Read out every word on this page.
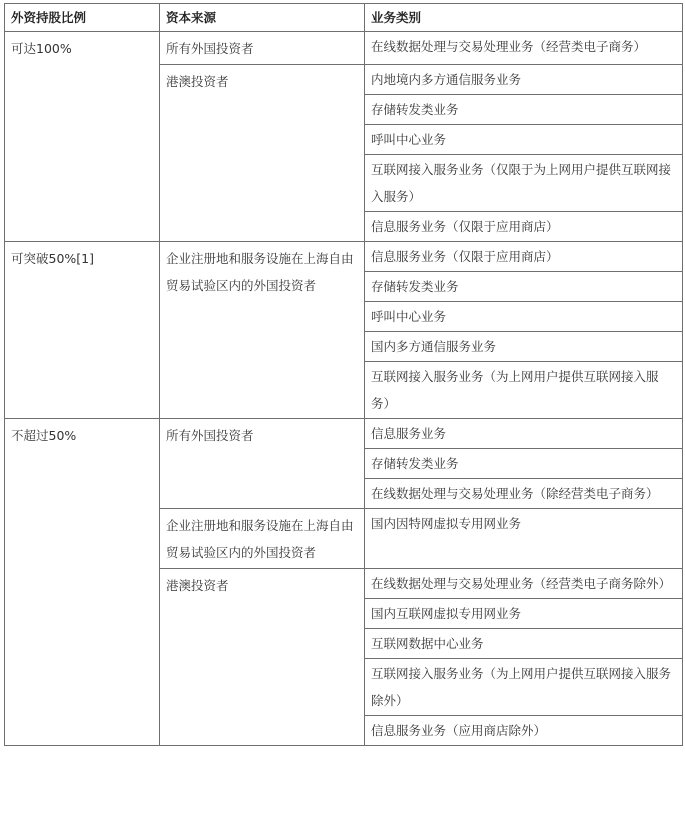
外资持股比例	资本来源	业务类别
可达100%	所有外国投资者	在线数据处理与交易处理业务（经营类电子商务）
	港澳投资者	内地境内多方通信服务业务
		存储转发类业务
		呼叫中心业务
		互联网接入服务业务（仅限于为上网用户提供互联网接入服务）
		信息服务业务（仅限于应用商店）
可突破50%[1]	企业注册地和服务设施在上海自由贸易试验区内的外国投资者	信息服务业务（仅限于应用商店）
		存储转发类业务
		呼叫中心业务
		国内多方通信服务业务
		互联网接入服务业务（为上网用户提供互联网接入服务）
不超过50%	所有外国投资者	信息服务业务
		存储转发类业务
		在线数据处理与交易处理业务（除经营类电子商务）
	企业注册地和服务设施在上海自由贸易试验区内的外国投资者	国内因特网虚拟专用网业务
	港澳投资者	在线数据处理与交易处理业务（经营类电子商务除外）
		国内互联网虚拟专用网业务
		互联网数据中心业务
		互联网接入服务业务（为上网用户提供互联网接入服务除外）
		信息服务业务（应用商店除外）
